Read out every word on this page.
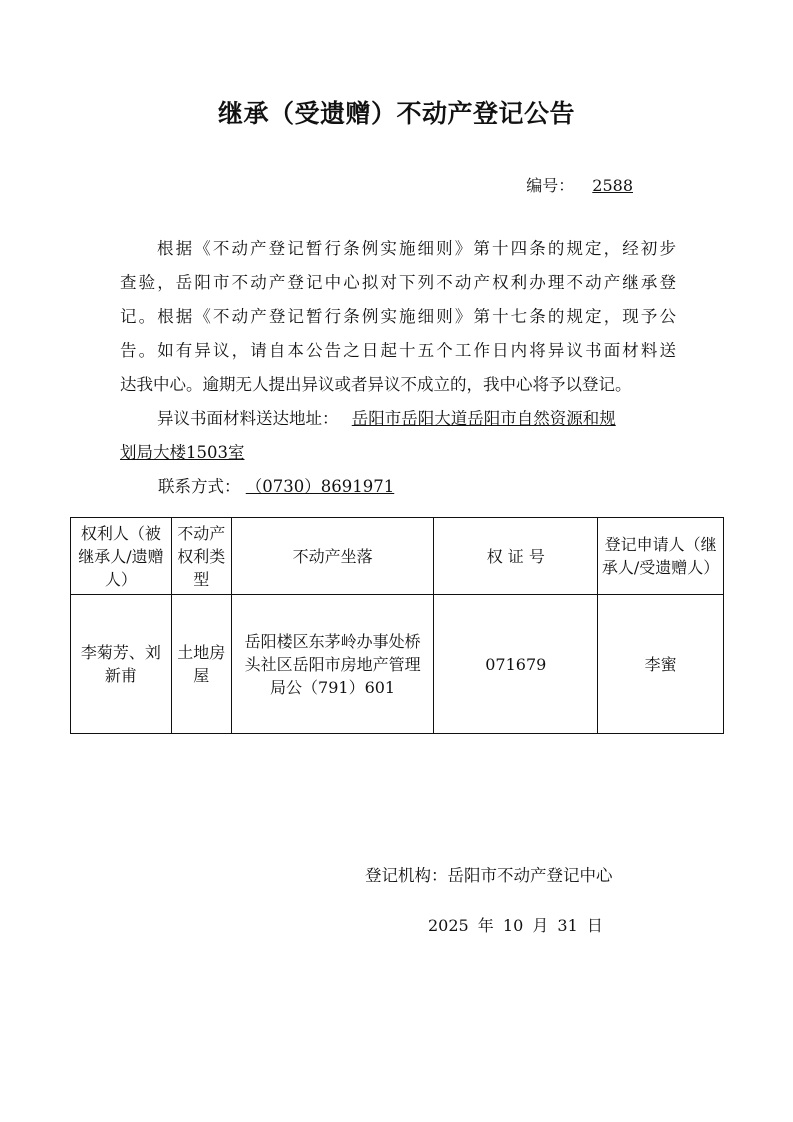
继承（受遗赠）不动产登记公告
编号： 2588
根据《不动产登记暂行条例实施细则》第十四条的规定，经初步
查验，岳阳市不动产登记中心拟对下列不动产权利办理不动产继承登
记。根据《不动产登记暂行条例实施细则》第十七条的规定，现予公
告。如有异议，请自本公告之日起十五个工作日内将异议书面材料送
达我中心。逾期无人提出异议或者异议不成立的，我中心将予以登记。
异议书面材料送达地址： 岳阳市岳阳大道岳阳市自然资源和规
划局大楼1503室
联系方式： （0730）8691971
权利人（被继承人/遗赠人）	不动产权利类型	不动产坐落	权 证 号	登记申请人（继承人/受遗赠人）
李菊芳、刘新甫	土地房屋	岳阳楼区东茅岭办事处桥头社区岳阳市房地产管理局公（791）601	071679	李蜜
登记机构：岳阳市不动产登记中心
2025 年 10 月 31 日
